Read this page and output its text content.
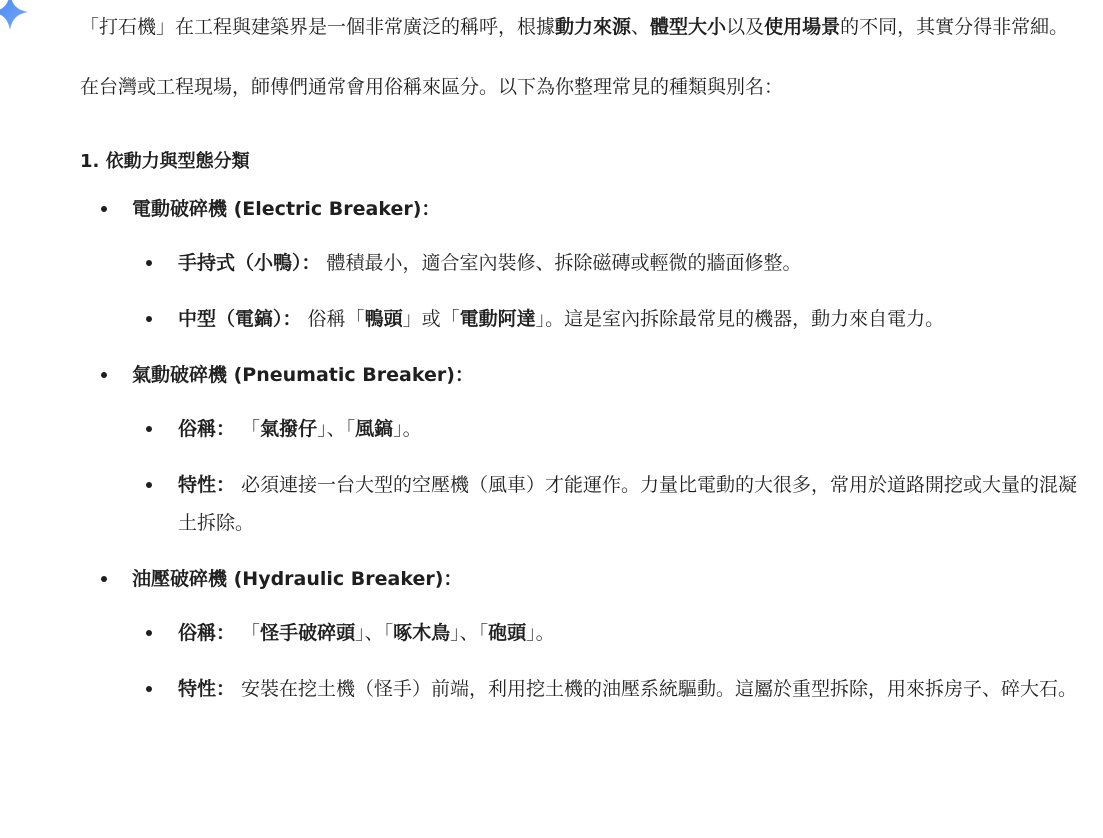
「打石機」在工程與建築界是一個非常廣泛的稱呼，根據動力來源、體型大小以及使用場景的不同，其實分得非常細。

在台灣或工程現場，師傅們通常會用俗稱來區分。以下為你整理常見的種類與別名：

1. 依動力與型態分類
電動破碎機 (Electric Breaker)：
手持式（小鴨）： 體積最小，適合室內裝修、拆除磁磚或輕微的牆面修整。
中型（電鎬）： 俗稱「鴨頭」或「電動阿達」。這是室內拆除最常見的機器，動力來自電力。
氣動破碎機 (Pneumatic Breaker)：
俗稱： 「氣撥仔」、「風鎬」。
特性： 必須連接一台大型的空壓機（風車）才能運作。力量比電動的大很多，常用於道路開挖或大量的混凝土拆除。
油壓破碎機 (Hydraulic Breaker)：
俗稱： 「怪手破碎頭」、「啄木鳥」、「砲頭」。
特性： 安裝在挖土機（怪手）前端，利用挖土機的油壓系統驅動。這屬於重型拆除，用來拆房子、碎大石。
